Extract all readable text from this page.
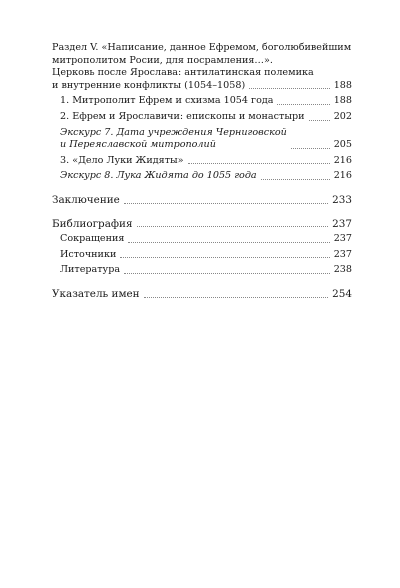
Раздел V. «Написание, данное Ефремом, боголюбивейшим
митрополитом Росии, для посрамления…».
Церковь после Ярослава: антилатинская полемика
и внутренние конфликты (1054–1058)	188
1. Митрополит Ефрем и схизма 1054 года	188
2. Ефрем и Ярославичи: епископы и монастыри	202
Экскурс 7. Дата учреждения Черниговской
и Переяславской митрополий	205
3. «Дело Луки Жидяты»	216
Экскурс 8. Лука Жидята до 1055 года	216
Заключение	233
Библиография	237
Сокращения	237
Источники	237
Литература	238
Указатель имен	254
